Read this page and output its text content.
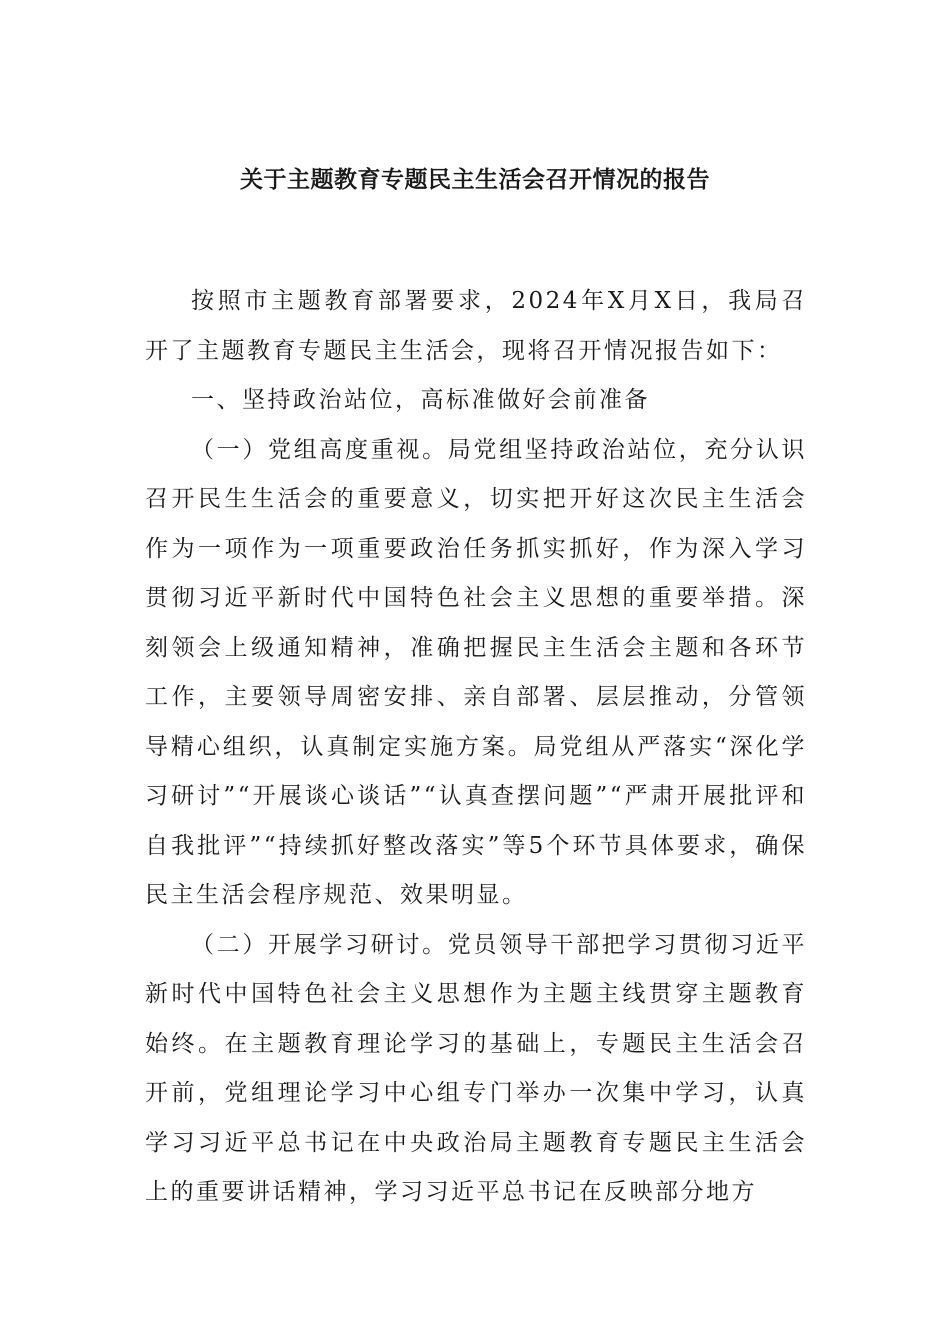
关于主题教育专题民主生活会召开情况的报告

按照市主题教育部署要求，2024年X月X日，我局召开了主题教育专题民主生活会，现将召开情况报告如下：

一、坚持政治站位，高标准做好会前准备

（一）党组高度重视。局党组坚持政治站位，充分认识召开民生生活会的重要意义，切实把开好这次民主生活会作为一项作为一项重要政治任务抓实抓好，作为深入学习贯彻习近平新时代中国特色社会主义思想的重要举措。深刻领会上级通知精神，准确把握民主生活会主题和各环节工作，主要领导周密安排、亲自部署、层层推动，分管领导精心组织，认真制定实施方案。局党组从严落实“深化学习研讨”“开展谈心谈话”“认真查摆问题”“严肃开展批评和自我批评”“持续抓好整改落实”等5个环节具体要求，确保民主生活会程序规范、效果明显。

（二）开展学习研讨。党员领导干部把学习贯彻习近平新时代中国特色社会主义思想作为主题主线贯穿主题教育始终。在主题教育理论学习的基础上，专题民主生活会召开前，党组理论学习中心组专门举办一次集中学习，认真学习习近平总书记在中央政治局主题教育专题民主生活会上的重要讲话精神，学习习近平总书记在反映部分地方
